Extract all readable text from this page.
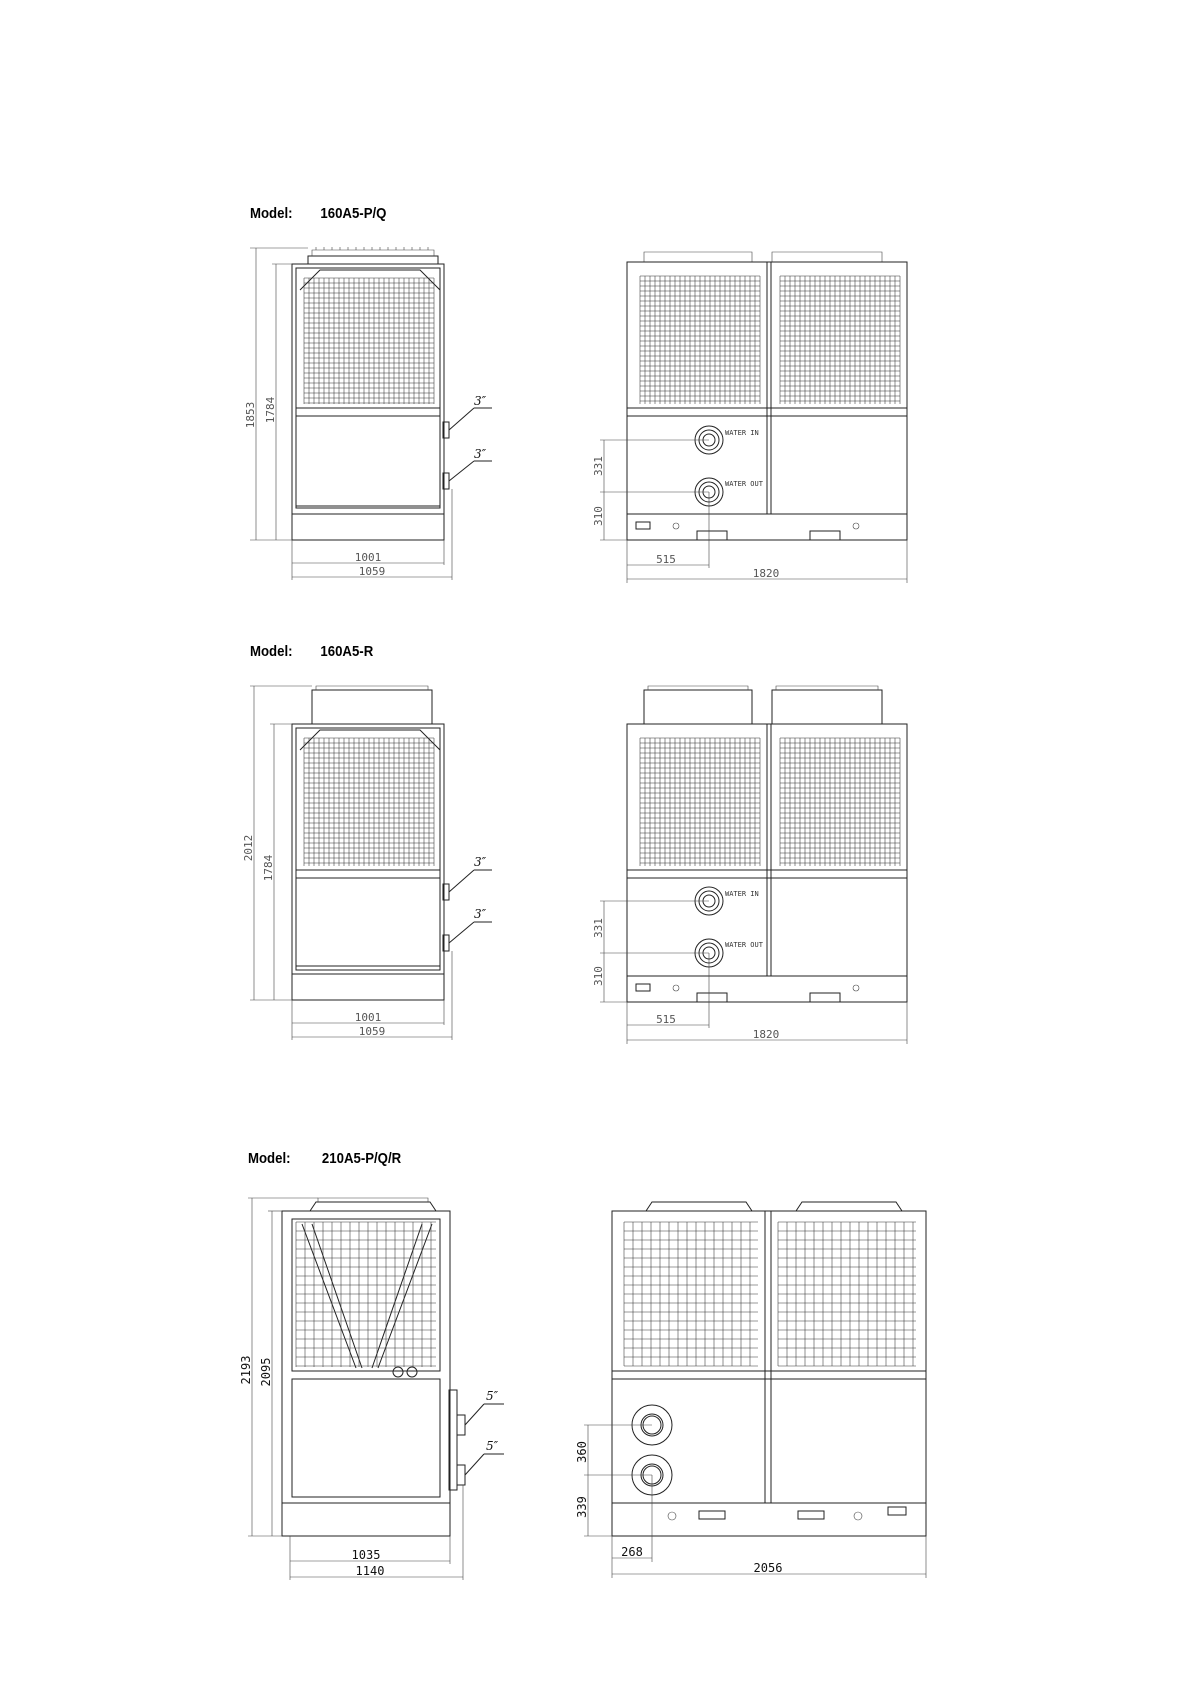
Model: 160A5-P/Q
3″
3″
1853 1784
1001
1059
WATER IN
WATER OUT
331
310
515
1820
Model: 160A5-R
3″
3″
2012
1784
1001
1059
WATER IN
WATER OUT
331
310
515
1820
Model: 210A5-P/Q/R
5″
5″
2193 2095
1035
1140
360
339
268
2056
